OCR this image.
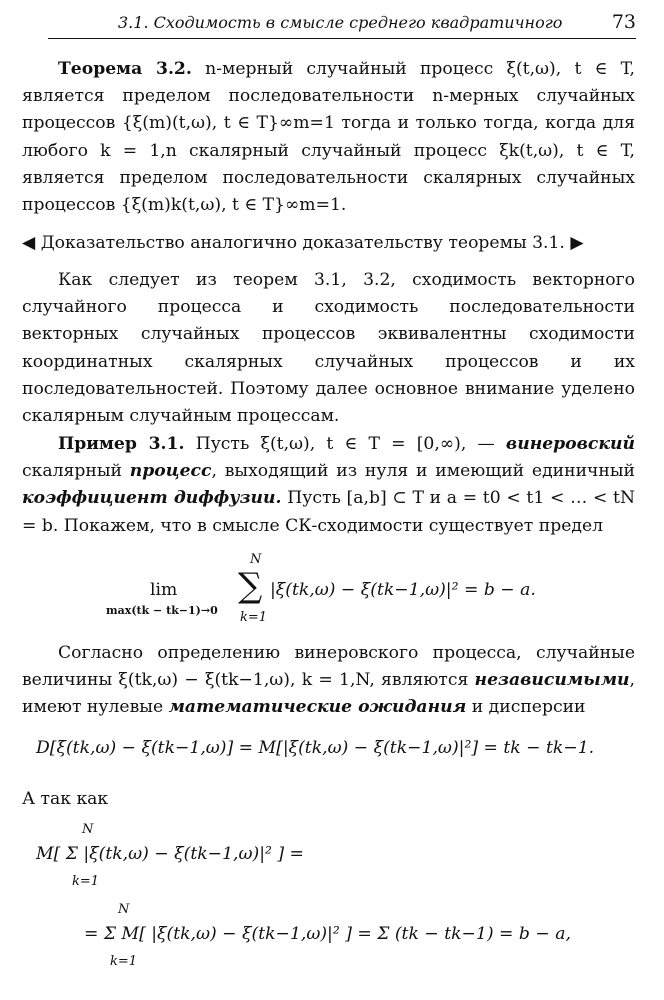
3.1. Сходимость в смысле среднего квадратичного	73

Теорема 3.2. n-мерный случайный процесс ξ(t,ω), t ∈ T, является пределом последовательности n-мерных случайных процессов {ξ(m)(t,ω), t ∈ T}∞m=1 тогда и только тогда, когда для любого k = 1,n скалярный случайный процесс ξk(t,ω), t ∈ T, является пределом последовательности скалярных случайных процессов {ξ(m)k(t,ω), t ∈ T}∞m=1.

◀ Доказательство аналогично доказательству теоремы 3.1. ▶

Как следует из теорем 3.1, 3.2, сходимость векторного случайного процесса и сходимость последовательности векторных случайных процессов эквивалентны сходимости координатных скалярных случайных процессов и их последовательностей. Поэтому далее основное внимание уделено скалярным случайным процессам.

Пример 3.1. Пусть ξ(t,ω), t ∈ T = [0,∞), — винеровский скалярный процесс, выходящий из нуля и имеющий единичный коэффициент диффузии. Пусть [a,b] ⊂ T и a = t0 < t1 < … < tN = b. Покажем, что в смысле СК-сходимости существует предел

lim
max(tk − tk−1)→0
N
∑
k=1
|ξ(tk,ω) − ξ(tk−1,ω)|² = b − a.

Согласно определению винеровского процесса, случайные величины ξ(tk,ω) − ξ(tk−1,ω), k = 1,N, являются независимыми, имеют нулевые математические ожидания и дисперсии

D[ξ(tk,ω) − ξ(tk−1,ω)] = M[|ξ(tk,ω) − ξ(tk−1,ω)|²] = tk − tk−1.

А так как

N
k=1
M[ Σ |ξ(tk,ω) − ξ(tk−1,ω)|² ] =
N
k=1
= Σ M[ |ξ(tk,ω) − ξ(tk−1,ω)|² ] = Σ (tk − tk−1) = b − a,
